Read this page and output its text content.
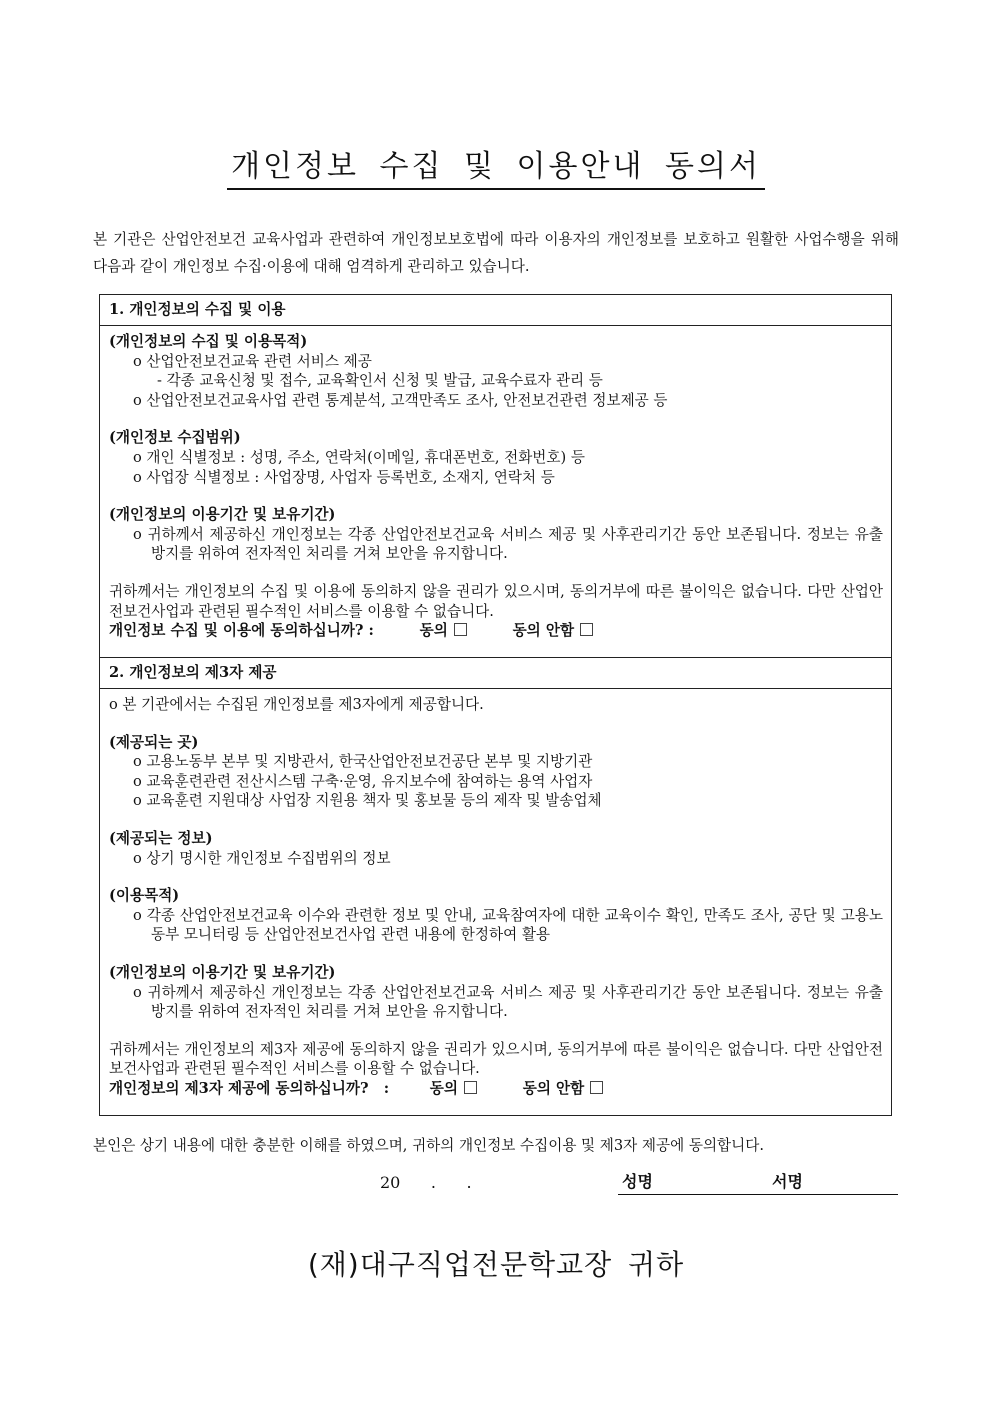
개인정보 수집 및 이용안내 동의서

본 기관은 산업안전보건 교육사업과 관련하여 개인정보보호법에 따라 이용자의 개인정보를 보호하고 원활한 사업수행을 위해 다음과 같이 개인정보 수집·이용에 대해 엄격하게 관리하고 있습니다.

1. 개인정보의 수집 및 이용

(개인정보의 수집 및 이용목적)

o 산업안전보건교육 관련 서비스 제공

- 각종 교육신청 및 접수, 교육확인서 신청 및 발급, 교육수료자 관리 등

o 산업안전보건교육사업 관련 통계분석, 고객만족도 조사, 안전보건관련 정보제공 등

(개인정보 수집범위)

o 개인 식별정보 : 성명, 주소, 연락처(이메일, 휴대폰번호, 전화번호) 등

o 사업장 식별정보 : 사업장명, 사업자 등록번호, 소재지, 연락처 등

(개인정보의 이용기간 및 보유기간)

o 귀하께서 제공하신 개인정보는 각종 산업안전보건교육 서비스 제공 및 사후관리기간 동안 보존됩니다. 정보는 유출방지를 위하여 전자적인 처리를 거쳐 보안을 유지합니다.

귀하께서는 개인정보의 수집 및 이용에 동의하지 않을 권리가 있으시며, 동의거부에 따른 불이익은 없습니다. 다만 산업안전보건사업과 관련된 필수적인 서비스를 이용할 수 없습니다.

개인정보 수집 및 이용에 동의하십니까? :	동의	동의 안함

2. 개인정보의 제3자 제공

o 본 기관에서는 수집된 개인정보를 제3자에게 제공합니다.

(제공되는 곳)

o 고용노동부 본부 및 지방관서, 한국산업안전보건공단 본부 및 지방기관

o 교육훈련관련 전산시스템 구축·운영, 유지보수에 참여하는 용역 사업자

o 교육훈련 지원대상 사업장 지원용 책자 및 홍보물 등의 제작 및 발송업체

(제공되는 정보)

o 상기 명시한 개인정보 수집범위의 정보

(이용목적)

o 각종 산업안전보건교육 이수와 관련한 정보 및 안내, 교육참여자에 대한 교육이수 확인, 만족도 조사, 공단 및 고용노동부 모니터링 등 산업안전보건사업 관련 내용에 한정하여 활용

(개인정보의 이용기간 및 보유기간)

o 귀하께서 제공하신 개인정보는 각종 산업안전보건교육 서비스 제공 및 사후관리기간 동안 보존됩니다. 정보는 유출방지를 위하여 전자적인 처리를 거쳐 보안을 유지합니다.

귀하께서는 개인정보의 제3자 제공에 동의하지 않을 권리가 있으시며, 동의거부에 따른 불이익은 없습니다. 다만 산업안전보건사업과 관련된 필수적인 서비스를 이용할 수 없습니다.

개인정보의 제3자 제공에 동의하십니까?   :	동의	동의 안함

본인은 상기 내용에 대한 충분한 이해를 하였으며, 귀하의 개인정보 수집이용 및 제3자 제공에 동의합니다.

20      .      .	성명	서명
(재)대구직업전문학교장 귀하
